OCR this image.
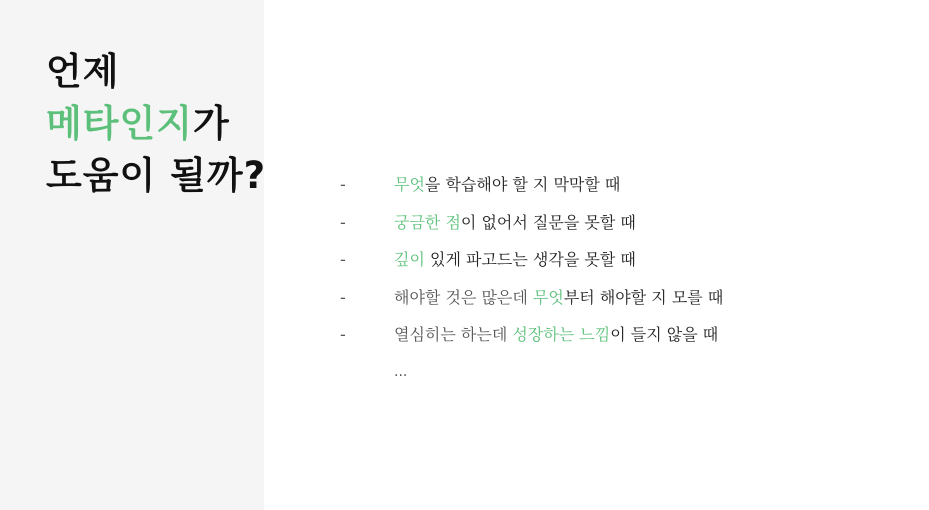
언제
메타인지가
도움이 될까?	-	무엇을 학습해야 할 지 막막할 때
-	궁금한 점이 없어서 질문을 못할 때
-	깊이 있게 파고드는 생각을 못할 때
-	해야할 것은 많은데 무엇부터 해야할 지 모를 때
-	열심히는 하는데 성장하는 느낌이 들지 않을 때
...
